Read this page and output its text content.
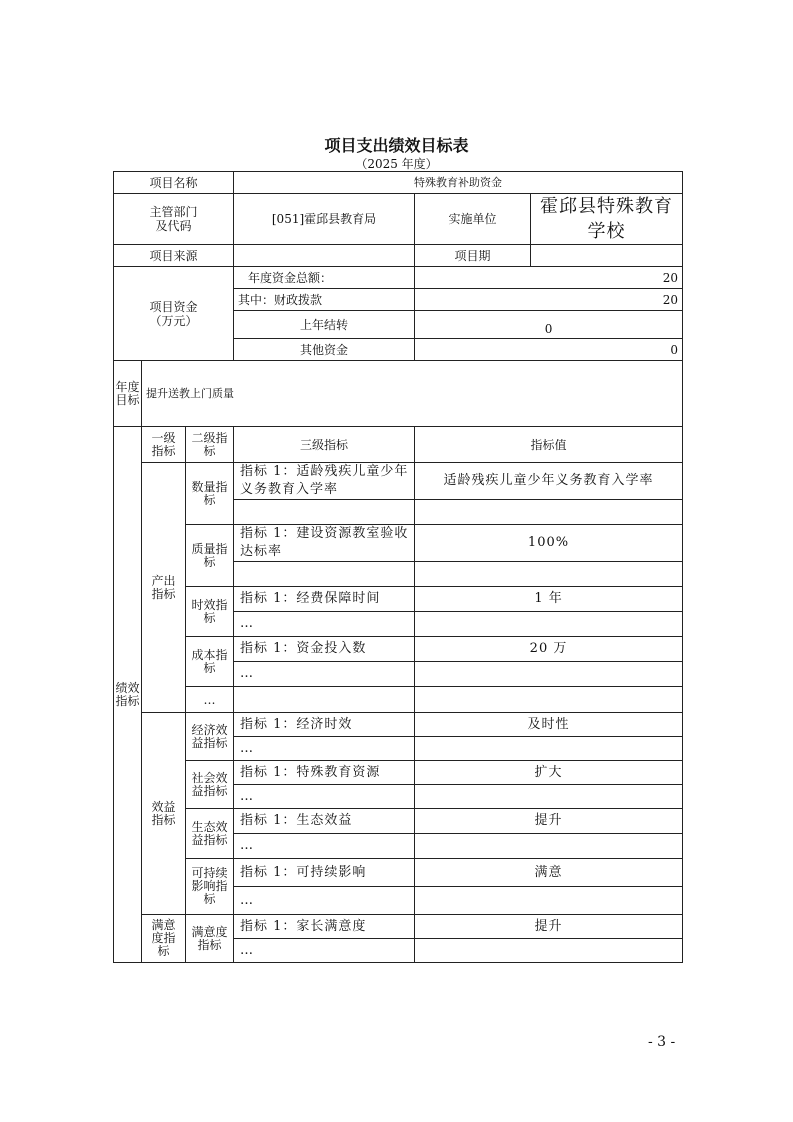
项目支出绩效目标表
（2025 年度）
项目名称			特殊教育补助资金		
主管部门
及代码			[051]霍邱县教育局	实施单位	霍邱县特殊教育学校
项目来源				项目期	
项目资金
（万元）			年度资金总额：	20	
			其中：财政拨款	20	
			上年结转	0	
			其他资金	0	
年度目标	提升送教上门质量				
绩效指标	一级指标	二级指标	三级指标	指标值	
	产出指标	数量指标	指标 1：适龄残疾儿童少年义务教育入学率	适龄残疾儿童少年义务教育入学率	

		质量指标	指标 1：建设资源教室验收达标率	100%	

		时效指标	指标 1：经费保障时间	1 年	
			…		
		成本指标	指标 1：资金投入数	20 万	
			…		
		…			
	效益指标	经济效益指标	指标 1：经济时效	及时性	
			…		
		社会效益指标	指标 1：特殊教育资源	扩大	
			…		
		生态效益指标	指标 1：生态效益	提升	
			…		
		可持续影响指标	指标 1：可持续影响	满意	
			…		
	满意度指标	满意度指标	指标 1：家长满意度	提升	
			…		
- 3 -
